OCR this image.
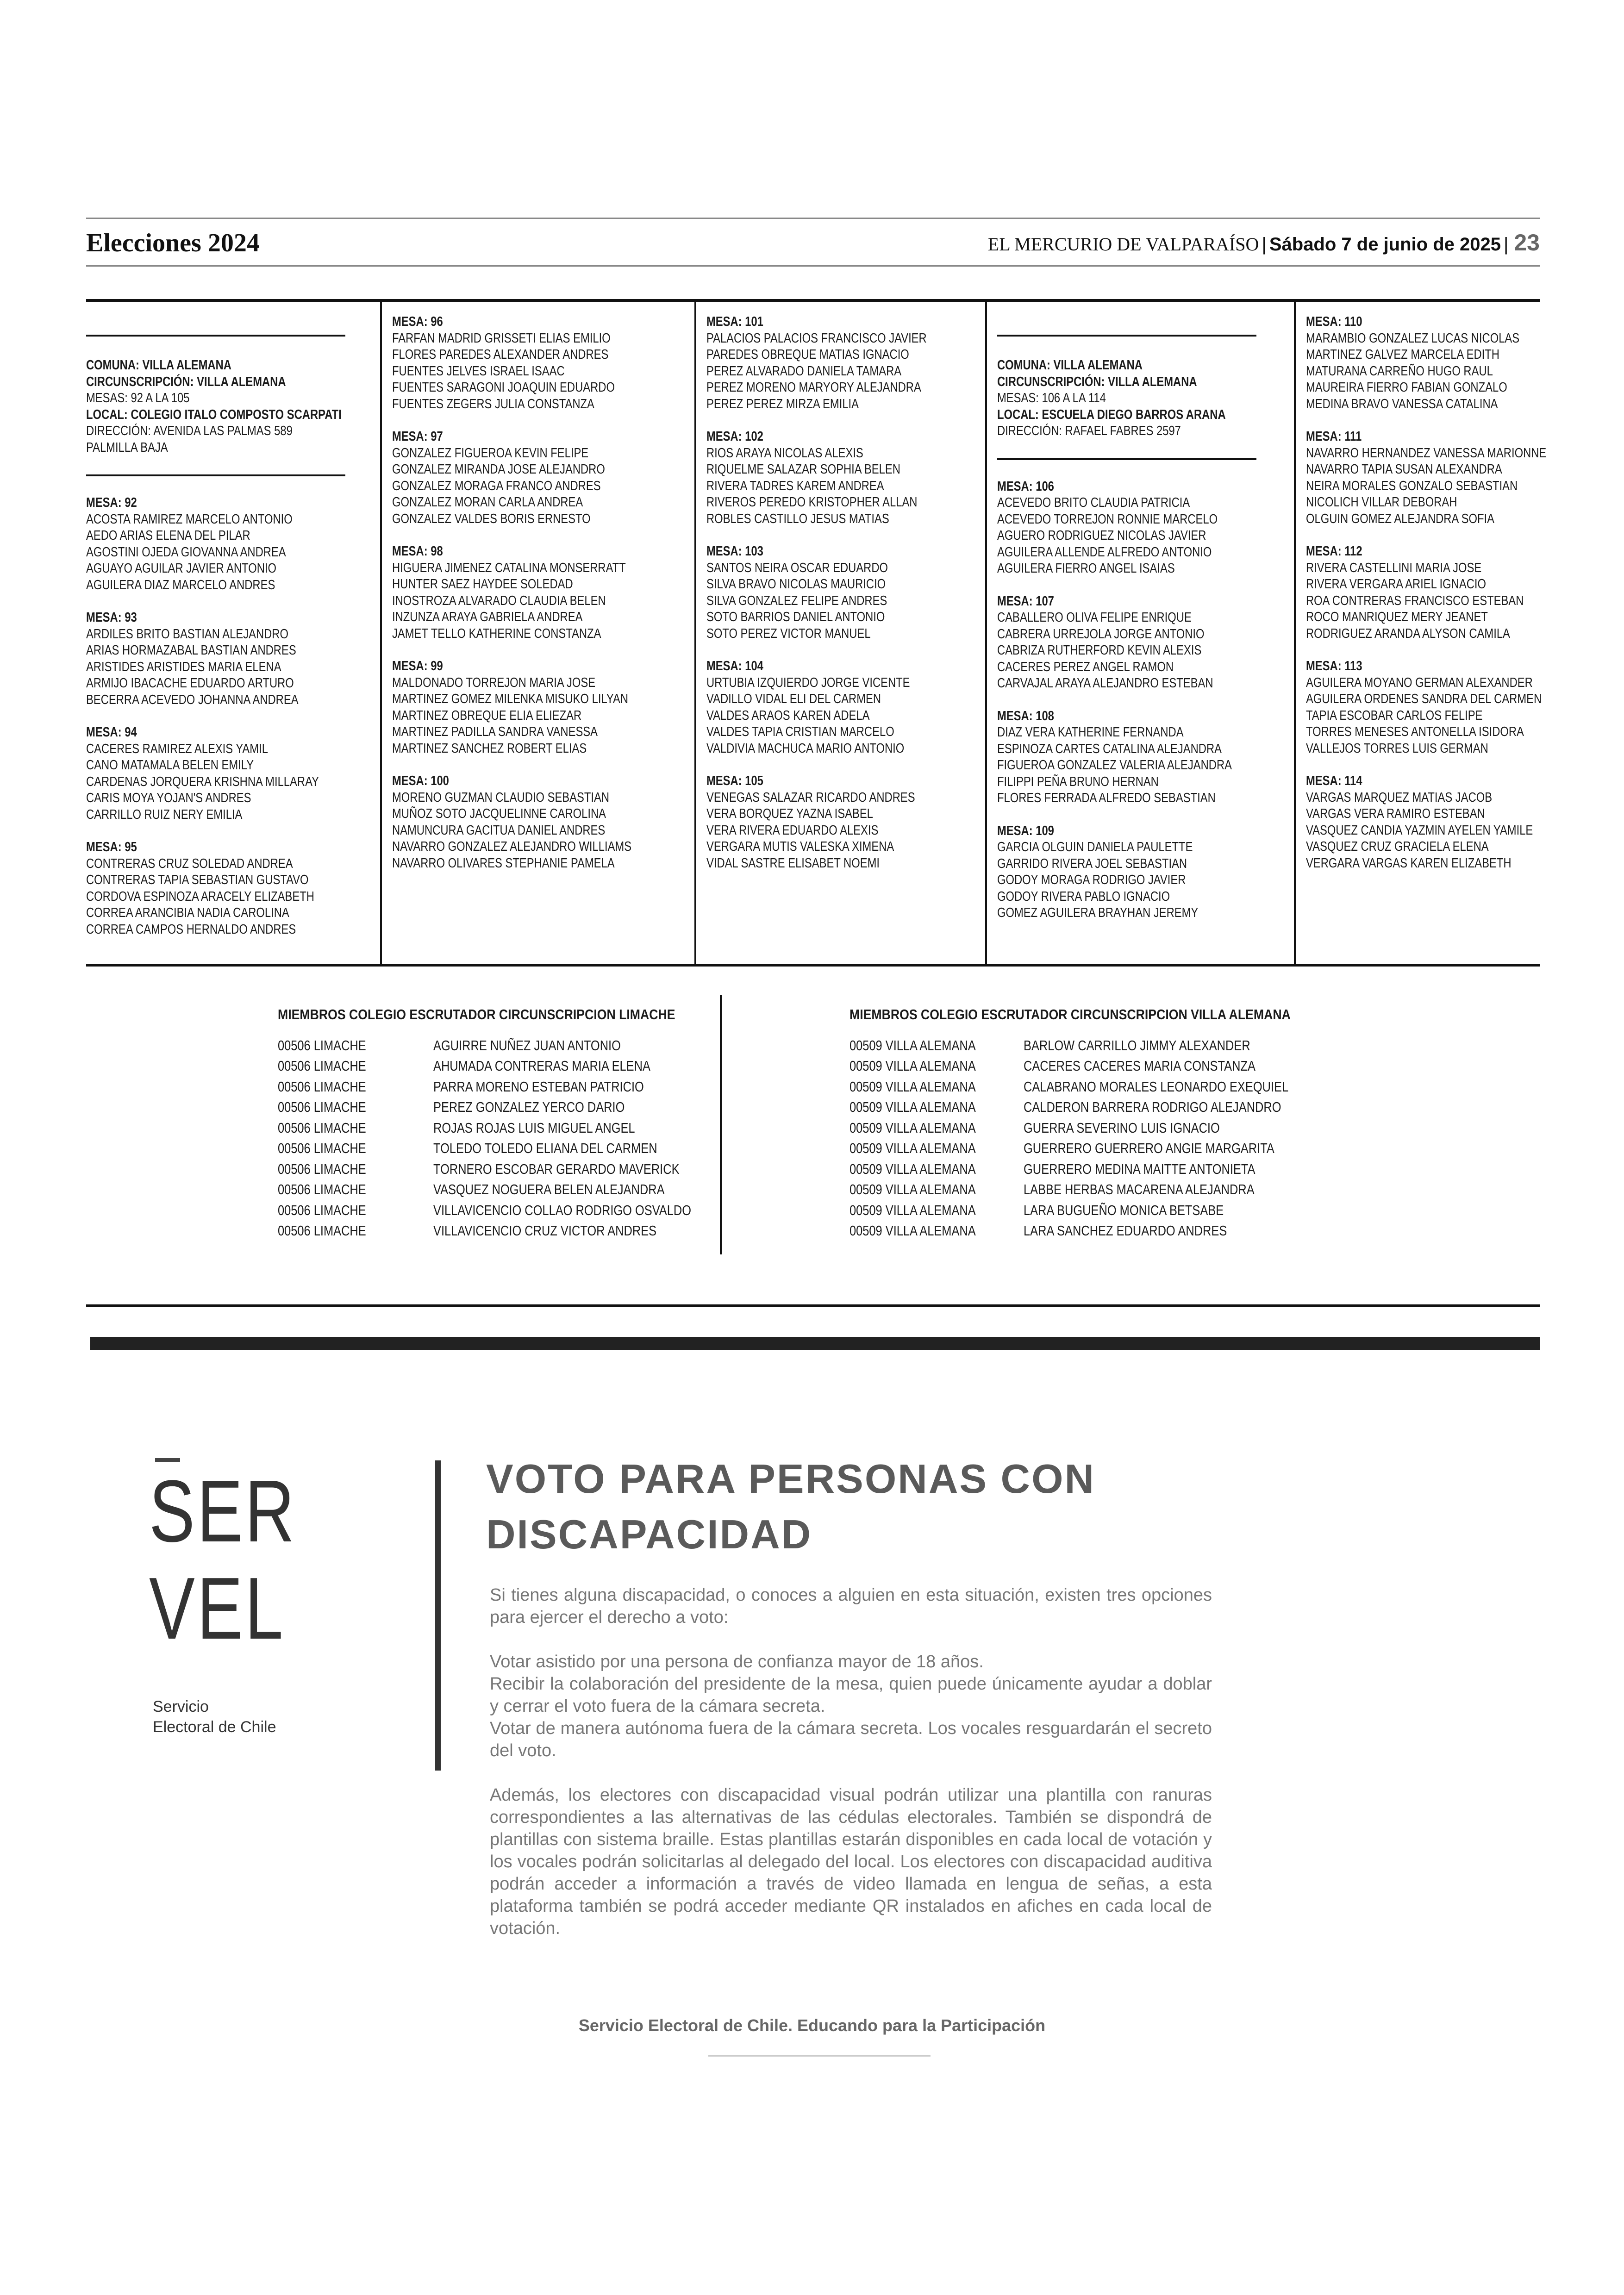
Elecciones 2024	EL MERCURIO DE VALPARAÍSO | Sábado 7 de junio de 2025 | 23
COMUNA: VILLA ALEMANA
CIRCUNSCRIPCIÓN: VILLA ALEMANA
MESAS: 92 A LA 105
LOCAL: COLEGIO ITALO COMPOSTO SCARPATI
DIRECCIÓN: AVENIDA LAS PALMAS 589
PALMILLA BAJA
MESA: 92
ACOSTA RAMIREZ MARCELO ANTONIO
AEDO ARIAS ELENA DEL PILAR
AGOSTINI OJEDA GIOVANNA ANDREA
AGUAYO AGUILAR JAVIER ANTONIO
AGUILERA DIAZ MARCELO ANDRES
MESA: 93
ARDILES BRITO BASTIAN ALEJANDRO
ARIAS HORMAZABAL BASTIAN ANDRES
ARISTIDES ARISTIDES MARIA ELENA
ARMIJO IBACACHE EDUARDO ARTURO
BECERRA ACEVEDO JOHANNA ANDREA
MESA: 94
CACERES RAMIREZ ALEXIS YAMIL
CANO MATAMALA BELEN EMILY
CARDENAS JORQUERA KRISHNA MILLARAY
CARIS MOYA YOJAN'S ANDRES
CARRILLO RUIZ NERY EMILIA
MESA: 95
CONTRERAS CRUZ SOLEDAD ANDREA
CONTRERAS TAPIA SEBASTIAN GUSTAVO
CORDOVA ESPINOZA ARACELY ELIZABETH
CORREA ARANCIBIA NADIA CAROLINA
CORREA CAMPOS HERNALDO ANDRES
MESA: 96
FARFAN MADRID GRISSETI ELIAS EMILIO
FLORES PAREDES ALEXANDER ANDRES
FUENTES JELVES ISRAEL ISAAC
FUENTES SARAGONI JOAQUIN EDUARDO
FUENTES ZEGERS JULIA CONSTANZA
MESA: 97
GONZALEZ FIGUEROA KEVIN FELIPE
GONZALEZ MIRANDA JOSE ALEJANDRO
GONZALEZ MORAGA FRANCO ANDRES
GONZALEZ MORAN CARLA ANDREA
GONZALEZ VALDES BORIS ERNESTO
MESA: 98
HIGUERA JIMENEZ CATALINA MONSERRATT
HUNTER SAEZ HAYDEE SOLEDAD
INOSTROZA ALVARADO CLAUDIA BELEN
INZUNZA ARAYA GABRIELA ANDREA
JAMET TELLO KATHERINE CONSTANZA
MESA: 99
MALDONADO TORREJON MARIA JOSE
MARTINEZ GOMEZ MILENKA MISUKO LILYAN
MARTINEZ OBREQUE ELIA ELIEZAR
MARTINEZ PADILLA SANDRA VANESSA
MARTINEZ SANCHEZ ROBERT ELIAS
MESA: 100
MORENO GUZMAN CLAUDIO SEBASTIAN
MUÑOZ SOTO JACQUELINNE CAROLINA
NAMUNCURA GACITUA DANIEL ANDRES
NAVARRO GONZALEZ ALEJANDRO WILLIAMS
NAVARRO OLIVARES STEPHANIE PAMELA
MESA: 101
PALACIOS PALACIOS FRANCISCO JAVIER
PAREDES OBREQUE MATIAS IGNACIO
PEREZ ALVARADO DANIELA TAMARA
PEREZ MORENO MARYORY ALEJANDRA
PEREZ PEREZ MIRZA EMILIA
MESA: 102
RIOS ARAYA NICOLAS ALEXIS
RIQUELME SALAZAR SOPHIA BELEN
RIVERA TADRES KAREM ANDREA
RIVEROS PEREDO KRISTOPHER ALLAN
ROBLES CASTILLO JESUS MATIAS
MESA: 103
SANTOS NEIRA OSCAR EDUARDO
SILVA BRAVO NICOLAS MAURICIO
SILVA GONZALEZ FELIPE ANDRES
SOTO BARRIOS DANIEL ANTONIO
SOTO PEREZ VICTOR MANUEL
MESA: 104
URTUBIA IZQUIERDO JORGE VICENTE
VADILLO VIDAL ELI DEL CARMEN
VALDES ARAOS KAREN ADELA
VALDES TAPIA CRISTIAN MARCELO
VALDIVIA MACHUCA MARIO ANTONIO
MESA: 105
VENEGAS SALAZAR RICARDO ANDRES
VERA BORQUEZ YAZNA ISABEL
VERA RIVERA EDUARDO ALEXIS
VERGARA MUTIS VALESKA XIMENA
VIDAL SASTRE ELISABET NOEMI
COMUNA: VILLA ALEMANA
CIRCUNSCRIPCIÓN: VILLA ALEMANA
MESAS: 106 A LA 114
LOCAL: ESCUELA DIEGO BARROS ARANA
DIRECCIÓN: RAFAEL FABRES 2597
MESA: 106
ACEVEDO BRITO CLAUDIA PATRICIA
ACEVEDO TORREJON RONNIE MARCELO
AGUERO RODRIGUEZ NICOLAS JAVIER
AGUILERA ALLENDE ALFREDO ANTONIO
AGUILERA FIERRO ANGEL ISAIAS
MESA: 107
CABALLERO OLIVA FELIPE ENRIQUE
CABRERA URREJOLA JORGE ANTONIO
CABRIZA RUTHERFORD KEVIN ALEXIS
CACERES PEREZ ANGEL RAMON
CARVAJAL ARAYA ALEJANDRO ESTEBAN
MESA: 108
DIAZ VERA KATHERINE FERNANDA
ESPINOZA CARTES CATALINA ALEJANDRA
FIGUEROA GONZALEZ VALERIA ALEJANDRA
FILIPPI PEÑA BRUNO HERNAN
FLORES FERRADA ALFREDO SEBASTIAN
MESA: 109
GARCIA OLGUIN DANIELA PAULETTE
GARRIDO RIVERA JOEL SEBASTIAN
GODOY MORAGA RODRIGO JAVIER
GODOY RIVERA PABLO IGNACIO
GOMEZ AGUILERA BRAYHAN JEREMY
MESA: 110
MARAMBIO GONZALEZ LUCAS NICOLAS
MARTINEZ GALVEZ MARCELA EDITH
MATURANA CARREÑO HUGO RAUL
MAUREIRA FIERRO FABIAN GONZALO
MEDINA BRAVO VANESSA CATALINA
MESA: 111
NAVARRO HERNANDEZ VANESSA MARIONNE
NAVARRO TAPIA SUSAN ALEXANDRA
NEIRA MORALES GONZALO SEBASTIAN
NICOLICH VILLAR DEBORAH
OLGUIN GOMEZ ALEJANDRA SOFIA
MESA: 112
RIVERA CASTELLINI MARIA JOSE
RIVERA VERGARA ARIEL IGNACIO
ROA CONTRERAS FRANCISCO ESTEBAN
ROCO MANRIQUEZ MERY JEANET
RODRIGUEZ ARANDA ALYSON CAMILA
MESA: 113
AGUILERA MOYANO GERMAN ALEXANDER
AGUILERA ORDENES SANDRA DEL CARMEN
TAPIA ESCOBAR CARLOS FELIPE
TORRES MENESES ANTONELLA ISIDORA
VALLEJOS TORRES LUIS GERMAN
MESA: 114
VARGAS MARQUEZ MATIAS JACOB
VARGAS VERA RAMIRO ESTEBAN
VASQUEZ CANDIA YAZMIN AYELEN YAMILE
VASQUEZ CRUZ GRACIELA ELENA
VERGARA VARGAS KAREN ELIZABETH
MIEMBROS COLEGIO ESCRUTADOR CIRCUNSCRIPCION LIMACHE
00506 LIMACHE	AGUIRRE NUÑEZ JUAN ANTONIO
00506 LIMACHE	AHUMADA CONTRERAS MARIA ELENA
00506 LIMACHE	PARRA MORENO ESTEBAN PATRICIO
00506 LIMACHE	PEREZ GONZALEZ YERCO DARIO
00506 LIMACHE	ROJAS ROJAS LUIS MIGUEL ANGEL
00506 LIMACHE	TOLEDO TOLEDO ELIANA DEL CARMEN
00506 LIMACHE	TORNERO ESCOBAR GERARDO MAVERICK
00506 LIMACHE	VASQUEZ NOGUERA BELEN ALEJANDRA
00506 LIMACHE	VILLAVICENCIO COLLAO RODRIGO OSVALDO
00506 LIMACHE	VILLAVICENCIO CRUZ VICTOR ANDRES
MIEMBROS COLEGIO ESCRUTADOR CIRCUNSCRIPCION VILLA ALEMANA
00509 VILLA ALEMANA	BARLOW CARRILLO JIMMY ALEXANDER
00509 VILLA ALEMANA	CACERES CACERES MARIA CONSTANZA
00509 VILLA ALEMANA	CALABRANO MORALES LEONARDO EXEQUIEL
00509 VILLA ALEMANA	CALDERON BARRERA RODRIGO ALEJANDRO
00509 VILLA ALEMANA	GUERRA SEVERINO LUIS IGNACIO
00509 VILLA ALEMANA	GUERRERO GUERRERO ANGIE MARGARITA
00509 VILLA ALEMANA	GUERRERO MEDINA MAITTE ANTONIETA
00509 VILLA ALEMANA	LABBE HERBAS MACARENA ALEJANDRA
00509 VILLA ALEMANA	LARA BUGUEÑO MONICA BETSABE
00509 VILLA ALEMANA	LARA SANCHEZ EDUARDO ANDRES
SER
VEL
Servicio
Electoral de Chile
VOTO PARA PERSONAS CON
DISCAPACIDAD

Si tienes alguna discapacidad, o conoces a alguien en esta situación, existen tres opciones para ejercer el derecho a voto:

Votar asistido por una persona de confianza mayor de 18 años.

Recibir la colaboración del presidente de la mesa, quien puede únicamente ayudar a doblar y cerrar el voto fuera de la cámara secreta.

Votar de manera autónoma fuera de la cámara secreta. Los vocales resguardarán el secreto del voto.

Además, los electores con discapacidad visual podrán utilizar una plantilla con ranuras correspondientes a las alternativas de las cédulas electorales. También se dispondrá de plantillas con sistema braille. Estas plantillas estarán disponibles en cada local de votación y los vocales podrán solicitarlas al delegado del local. Los electores con discapacidad auditiva podrán acceder a información a través de video llamada en lengua de señas, a esta plataforma también se podrá acceder mediante QR instalados en afiches en cada local de votación.

Servicio Electoral de Chile. Educando para la Participación
